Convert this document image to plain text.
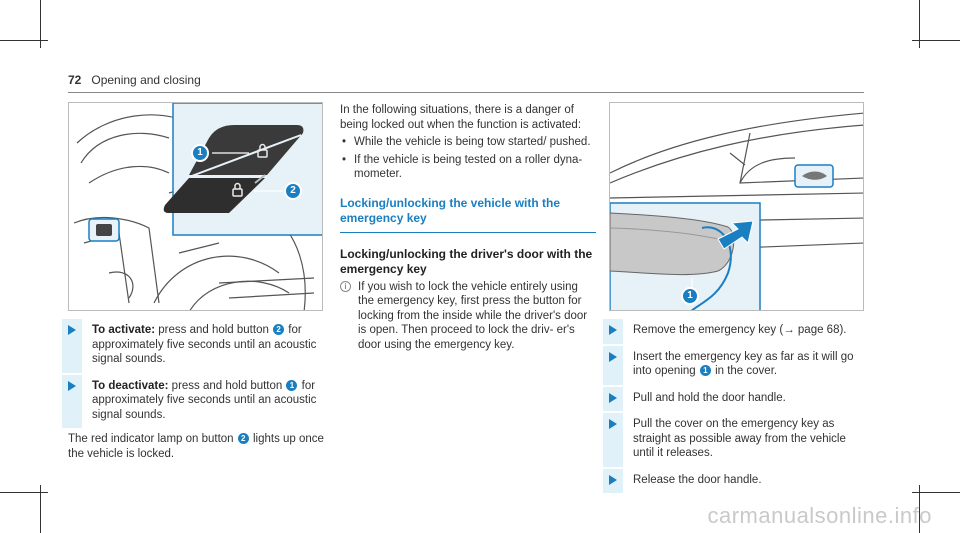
72 Opening and closing
1
2
1
To activate: press and hold button 2 for approximately five seconds until an acoustic signal sounds.
To deactivate: press and hold button 1 for approximately five seconds until an acoustic signal sounds.
The red indicator lamp on button 2 lights up once the vehicle is locked.
In the following situations, there is a danger of being locked out when the function is activated:
• While the vehicle is being tow started/ pushed.
• If the vehicle is being tested on a roller dyna- mometer.
Locking/unlocking the vehicle with the emergency key
Locking/unlocking the driver's door with the emergency key
i If you wish to lock the vehicle entirely using the emergency key, first press the button for locking from the inside while the driver's door is open. Then proceed to lock the driv- er's door using the emergency key.
Remove the emergency key (→ page 68).
Insert the emergency key as far as it will go into opening 1 in the cover.
Pull and hold the door handle.
Pull the cover on the emergency key as straight as possible away from the vehicle until it releases.
Release the door handle.
carmanualsonline.info
